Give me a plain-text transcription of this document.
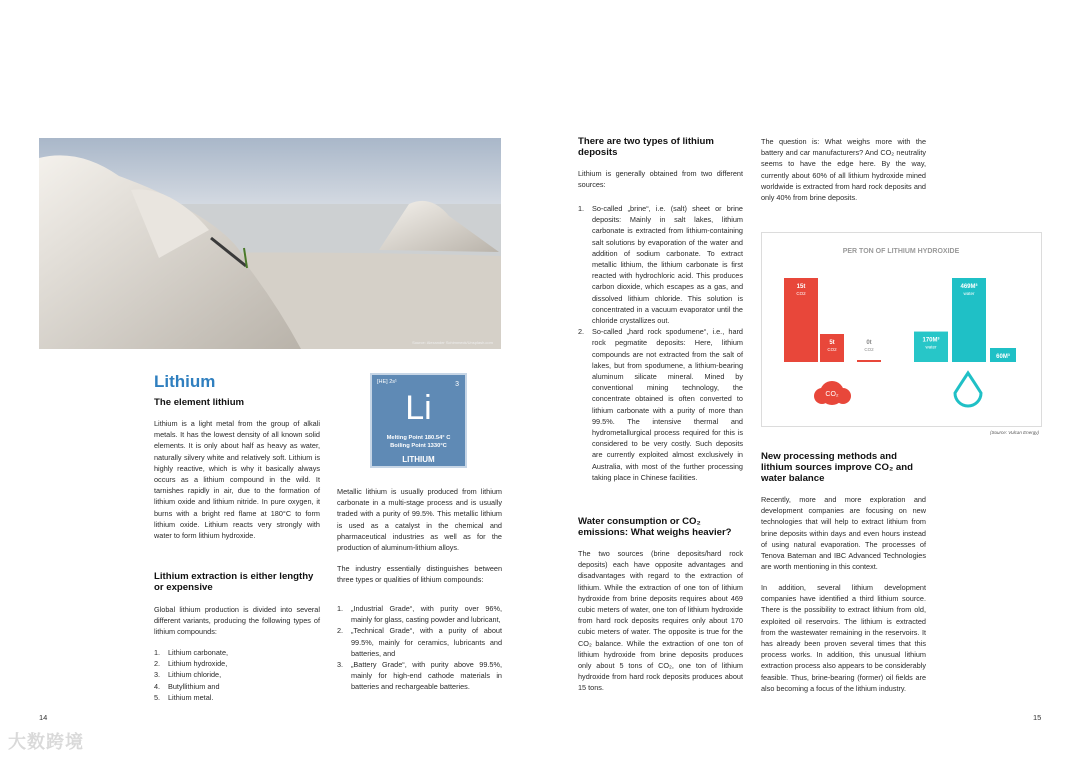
Source: Alexander Schimmeck/Unsplash.com
Lithium
The element lithium
Lithium is a light metal from the group of alkali metals. It has the lowest density of all known solid elements. It is only about half as heavy as water, naturally silvery white and relatively soft. Lithium is highly reactive, which is why it basically always occurs as a lithium compound in the wild. It tarnishes rapidly in air, due to the formation of lithium oxide and lithium nitride. In pure oxygen, it burns with a bright red flame at 180°C to form lithium oxide. Lithium reacts very strongly with water to form lithium hydroxide.
Lithium extraction is either lengthy or expensive
Global lithium production is divided into several different variants, producing the following types of lithium compounds:
1.	Lithium carbonate,
2.	Lithium hydroxide,
3.	Lithium chloride,
4.	Butyllithium and
5.	Lithium metal.
[HE] 2s¹	3
Li
Melting Point 180.54° C
Boiling Point 1330°C
LITHIUM
Metallic lithium is usually produced from lithium carbonate in a multi-stage process and is usually traded with a purity of 99.5%. This metallic lithium is used as a catalyst in the chemical and pharmaceutical industries as well as for the production of aluminum-lithium alloys.
The industry essentially distinguishes between three types or qualities of lithium compounds:
1.	„Industrial Grade“, with purity over 96%, mainly for glass, casting powder and lubricant,
2.	„Technical Grade“, with a purity of about 99.5%, mainly for ceramics, lubricants and batteries, and
3.	„Battery Grade“, with purity above 99.5%, mainly for high-end cathode materials in batteries and rechargeable batteries.
14
There are two types of lithium deposits
Lithium is generally obtained from two different sources:
1.	So-called „brine“, i.e. (salt) sheet or brine deposits: Mainly in salt lakes, lithium carbonate is extracted from lithium-containing salt solutions by evaporation of the water and addition of sodium carbonate. To extract metallic lithium, the lithium carbonate is first reacted with hydrochloric acid. This produces carbon dioxide, which escapes as a gas, and dissolved lithium chloride. This solution is concentrated in a vacuum evaporator until the chloride crystallizes out.
2.	So-called „hard rock spodumene“, i.e., hard rock pegmatite deposits: Here, lithium compounds are not extracted from the salt of lakes, but from spodumene, a lithium-bearing aluminum silicate mineral. Mined by conventional mining technology, the concentrate obtained is often converted to lithium carbonate with a purity of more than 99.5%. The intensive thermal and hydrometallurgical process required for this is considered to be very costly. Such deposits are currently exploited almost exclusively in Australia, with most of the further processing taking place in Chinese facilities.
Water consumption or CO₂ emissions: What weighs heavier?
The two sources (brine deposits/hard rock deposits) each have opposite advantages and disadvantages with regard to the extraction of lithium. While the extraction of one ton of lithium hydroxide from brine deposits requires about 469 cubic meters of water, one ton of lithium hydroxide from hard rock deposits requires only about 170 cubic meters of water. The opposite is true for the CO₂ balance. While the extraction of one ton of lithium hydroxide from brine deposits produces only about 5 tons of CO₂, one ton of lithium hydroxide from hard rock deposits produces about 15 tons.
The question is: What weighs more with the battery and car manufacturers? And CO₂ neutrality seems to have the edge here. By the way, currently about 60% of all lithium hydroxide mined worldwide is extracted from hard rock deposits and only 40% from brine deposits.
PER TON OF LITHIUM HYDROXIDE
15t
CO2
5t
CO2
0t
CO2
170M³
water
469M³
water
60M³
water
CO₂
(Source: Vulcan Energy)
New processing methods and lithium sources improve CO₂ and water balance
Recently, more and more exploration and development companies are focusing on new technologies that will help to extract lithium from brine deposits within days and even hours instead of using natural evaporation. The processes of Tenova Bateman and IBC Advanced Technologies are worth mentioning in this context.
In addition, several lithium development companies have identified a third lithium source. There is the possibility to extract lithium from old, exploited oil reservoirs. The lithium is extracted from the wastewater remaining in the reservoirs. It has already been proven several times that this process works. In addition, this unusual lithium extraction process also appears to be considerably feasible. Thus, brine-bearing (former) oil fields are also becoming a focus of the lithium industry.
15
大数跨境
